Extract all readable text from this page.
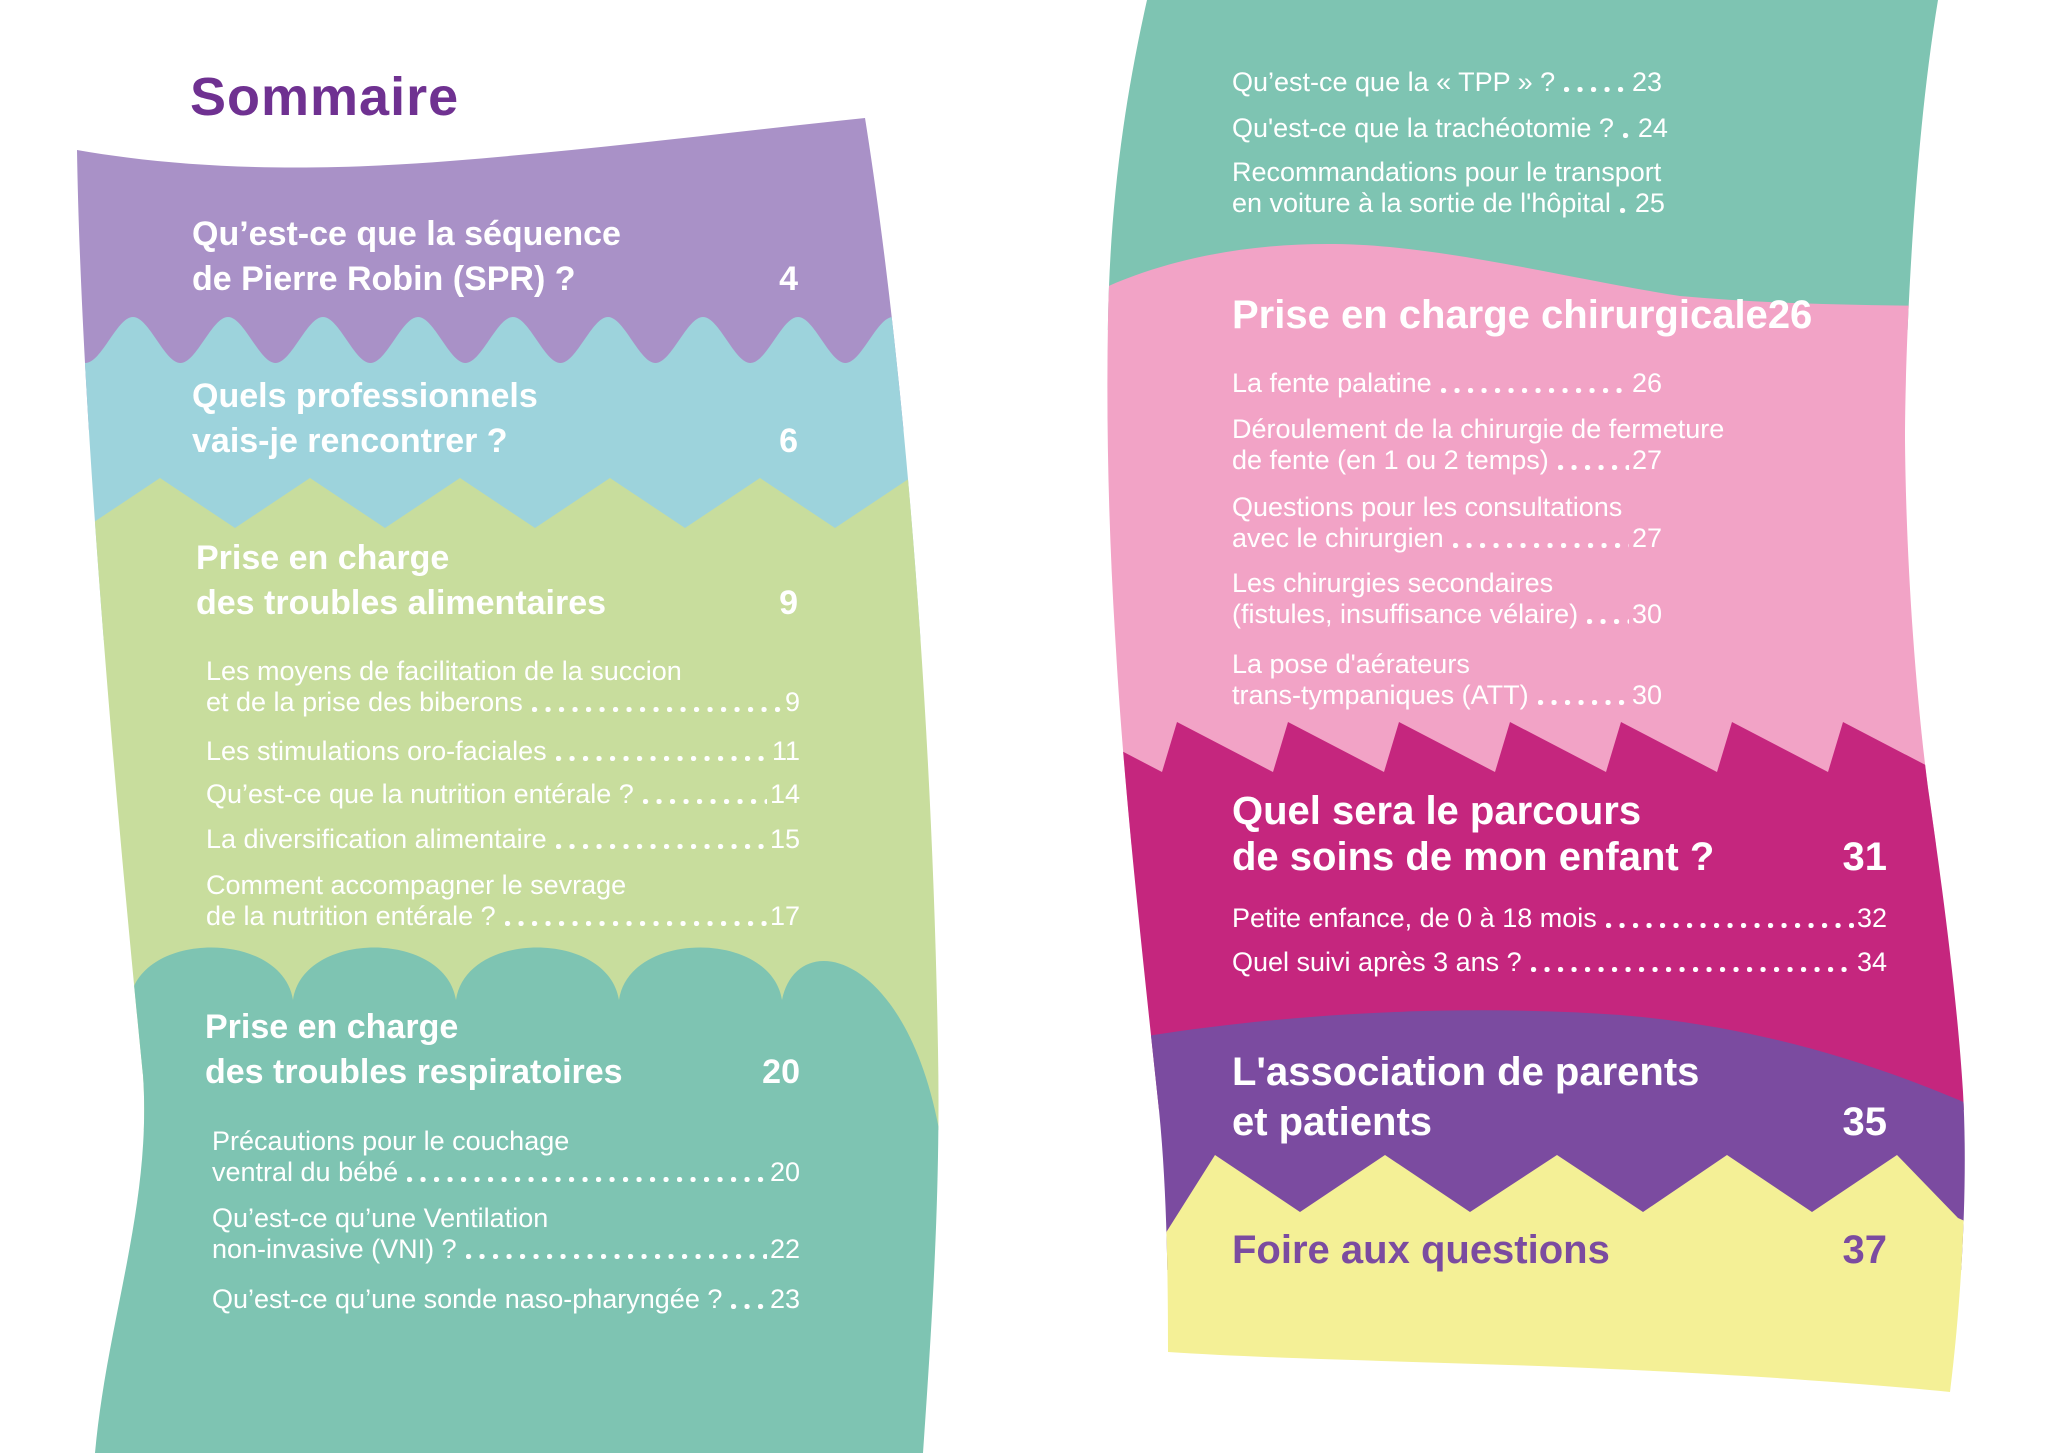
Sommaire
Qu’est-ce que la séquence
de Pierre Robin (SPR) ?	4
Quels professionnels
vais-je rencontrer ?	6
Prise en charge
des troubles alimentaires	9
Les moyens de facilitation de la succion
et de la prise des biberons	9
Les stimulations oro-faciales	11
Qu’est-ce que la nutrition entérale ?	14
La diversification alimentaire	15
Comment accompagner le sevrage
de la nutrition entérale ?	17
Prise en charge
des troubles respiratoires	20
Précautions pour le couchage
ventral du bébé	20
Qu’est-ce qu’une Ventilation
non-invasive (VNI) ?	22
Qu’est-ce qu’une sonde naso-pharyngée ? 23
Qu’est-ce que la « TPP » ?	23
Qu'est-ce que la trachéotomie ? 24
Recommandations pour le transport
en voiture à la sortie de l'hôpital 25
Prise en charge chirurgicale 26
La fente palatine	26
Déroulement de la chirurgie de fermeture
de fente (en 1 ou 2 temps)	27
Questions pour les consultations
avec le chirurgien	27
Les chirurgies secondaires
(fistules, insuffisance vélaire) 30
La pose d'aérateurs
trans-tympaniques (ATT)	30
Quel sera le parcours
de soins de mon enfant ?	31
Petite enfance, de 0 à 18 mois	32
Quel suivi après 3 ans ?	34
L'association de parents
et patients	35
Foire aux questions	37
